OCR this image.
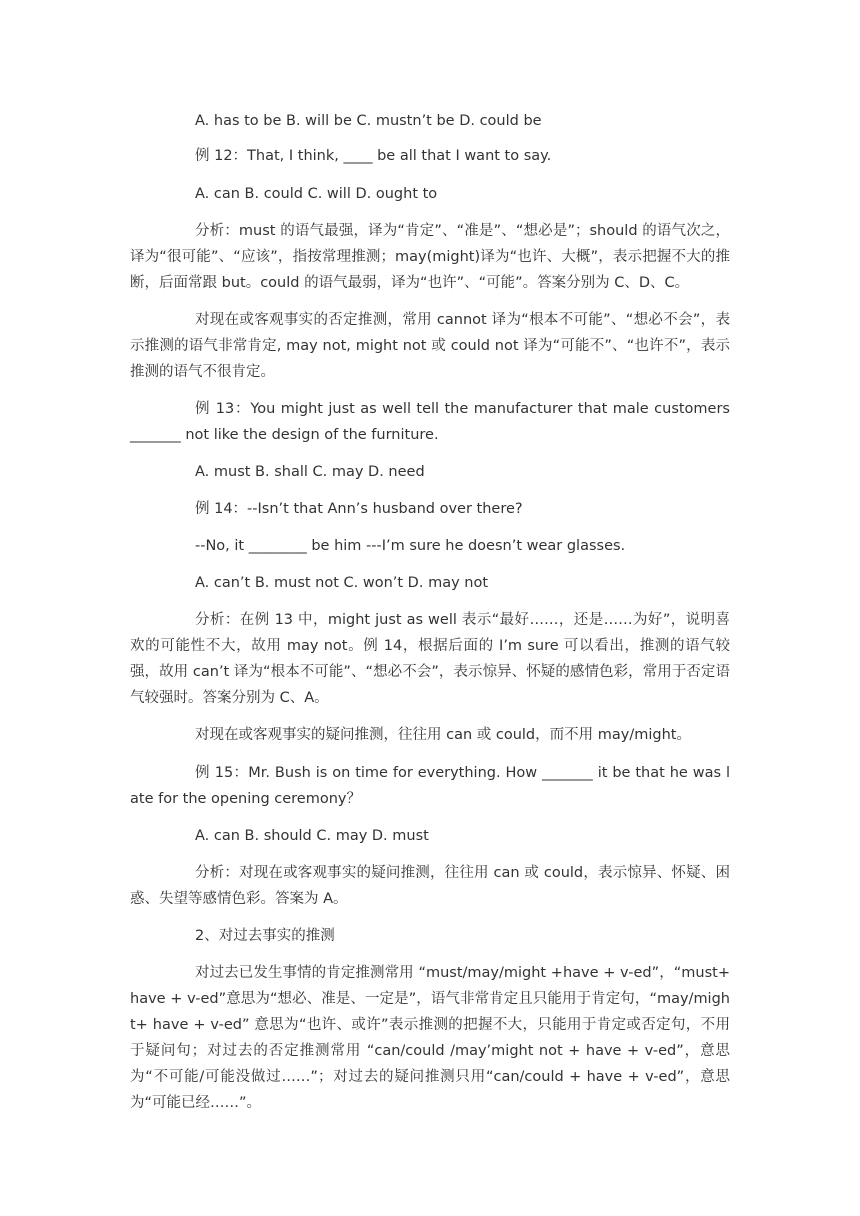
A. has to be B. will be C. mustn’t be D. could be

例 12：That, I think, ____ be all that I want to say.

A. can B. could C. will D. ought to

分析：must 的语气最强，译为“肯定”、“准是”、“想必是”；should 的语气次之，译为“很可能”、“应该”，指按常理推测；may(might)译为“也许、大概”，表示把握不大的推断，后面常跟 but。could 的语气最弱，译为“也许”、“可能”。答案分别为 C、D、C。

对现在或客观事实的否定推测，常用 cannot 译为“根本不可能”、“想必不会”，表示推测的语气非常肯定, may not, might not 或 could not 译为“可能不”、“也许不”，表示推测的语气不很肯定。

例 13：You might just as well tell the manufacturer that male customers _______ not like the design of the furniture.

A. must B. shall C. may D. need

例 14：--Isn’t that Ann’s husband over there?

--No, it ________ be him ---I’m sure he doesn’t wear glasses.

A. can’t B. must not C. won’t D. may not

分析：在例 13 中，might just as well 表示“最好……，还是……为好”，说明喜欢的可能性不大，故用 may not。例 14，根据后面的 I’m sure 可以看出，推测的语气较强，故用 can’t 译为“根本不可能”、“想必不会”，表示惊异、怀疑的感情色彩，常用于否定语气较强时。答案分别为 C、A。

对现在或客观事实的疑问推测，往往用 can 或 could，而不用 may/might。

例 15：Mr. Bush is on time for everything. How _______ it be that he was late for the opening ceremony？

A. can B. should C. may D. must

分析：对现在或客观事实的疑问推测，往往用 can 或 could，表示惊异、怀疑、困惑、失望等感情色彩。答案为 A。

2、对过去事实的推测

对过去已发生事情的肯定推测常用 “must/may/might +have + v-ed”，“must+ have + v-ed”意思为“想必、准是、一定是”，语气非常肯定且只能用于肯定句，“may/might+ have + v-ed” 意思为“也许、或许”表示推测的把握不大，只能用于肯定或否定句，不用于疑问句；对过去的否定推测常用 “can/could /may’might not + have + v-ed”，意思为“不可能/可能没做过……”；对过去的疑问推测只用“can/could + have + v-ed”，意思为“可能已经……”。
